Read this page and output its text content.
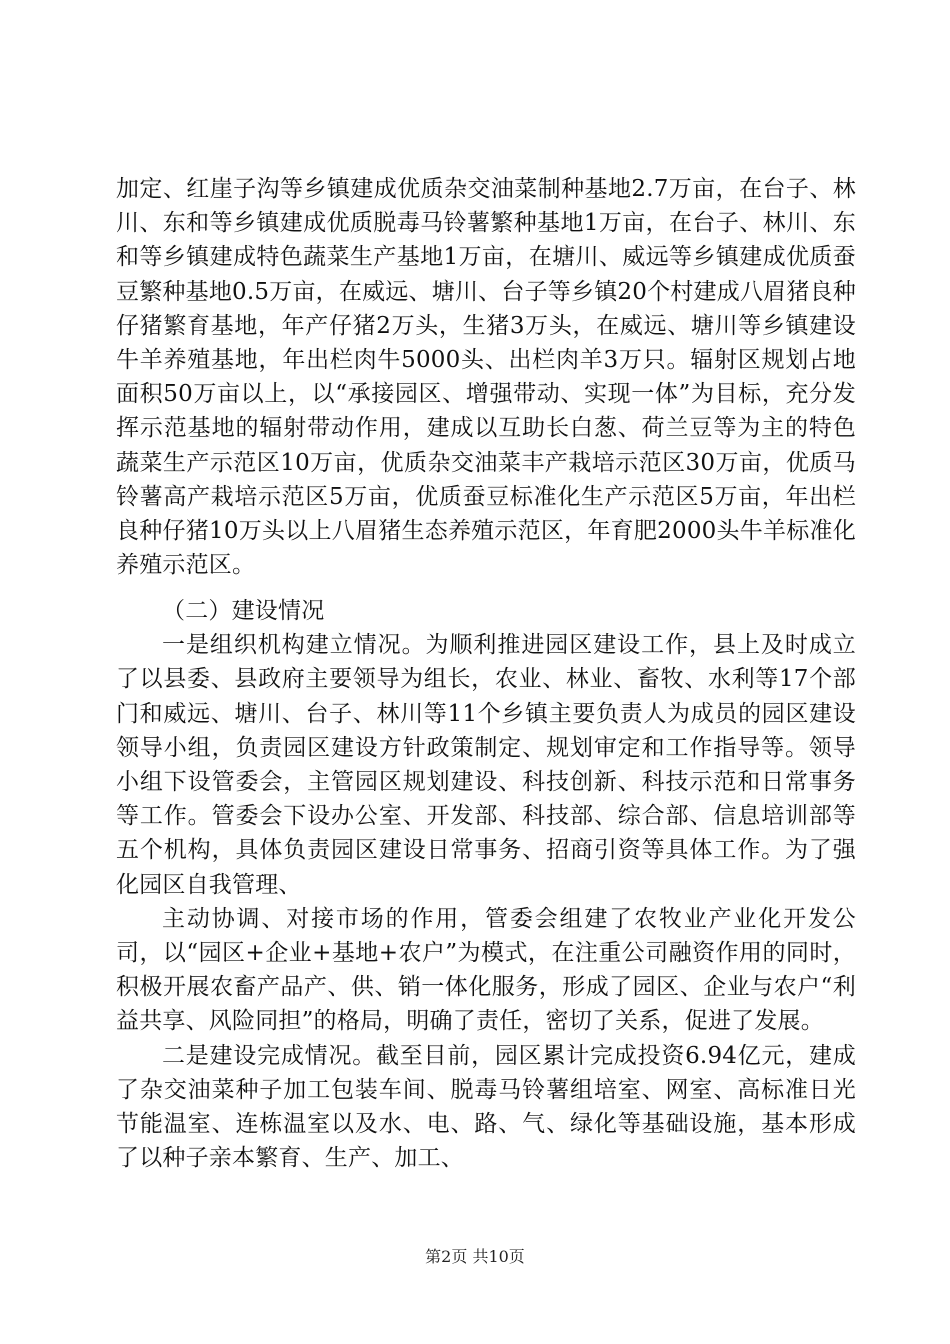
加定、红崖子沟等乡镇建成优质杂交油菜制种基地2.7万亩，在台子、林川、东和等乡镇建成优质脱毒马铃薯繁种基地1万亩，在台子、林川、东和等乡镇建成特色蔬菜生产基地1万亩，在塘川、威远等乡镇建成优质蚕豆繁种基地0.5万亩，在威远、塘川、台子等乡镇20个村建成八眉猪良种仔猪繁育基地，年产仔猪2万头，生猪3万头，在威远、塘川等乡镇建设牛羊养殖基地，年出栏肉牛5000头、出栏肉羊3万只。辐射区规划占地面积50万亩以上，以“承接园区、增强带动、实现一体”为目标，充分发挥示范基地的辐射带动作用，建成以互助长白葱、荷兰豆等为主的特色蔬菜生产示范区10万亩，优质杂交油菜丰产栽培示范区30万亩，优质马铃薯高产栽培示范区5万亩，优质蚕豆标准化生产示范区5万亩，年出栏良种仔猪10万头以上八眉猪生态养殖示范区，年育肥2000头牛羊标准化养殖示范区。

（二）建设情况

一是组织机构建立情况。为顺利推进园区建设工作，县上及时成立了以县委、县政府主要领导为组长，农业、林业、畜牧、水利等17个部门和威远、塘川、台子、林川等11个乡镇主要负责人为成员的园区建设领导小组，负责园区建设方针政策制定、规划审定和工作指导等。领导小组下设管委会，主管园区规划建设、科技创新、科技示范和日常事务等工作。管委会下设办公室、开发部、科技部、综合部、信息培训部等五个机构，具体负责园区建设日常事务、招商引资等具体工作。为了强化园区自我管理、

主动协调、对接市场的作用，管委会组建了农牧业产业化开发公司，以“园区+企业+基地+农户”为模式，在注重公司融资作用的同时，积极开展农畜产品产、供、销一体化服务，形成了园区、企业与农户“利益共享、风险同担”的格局，明确了责任，密切了关系，促进了发展。

二是建设完成情况。截至目前，园区累计完成投资6.94亿元，建成了杂交油菜种子加工包装车间、脱毒马铃薯组培室、网室、高标准日光节能温室、连栋温室以及水、电、路、气、绿化等基础设施，基本形成了以种子亲本繁育、生产、加工、

第2页 共10页
